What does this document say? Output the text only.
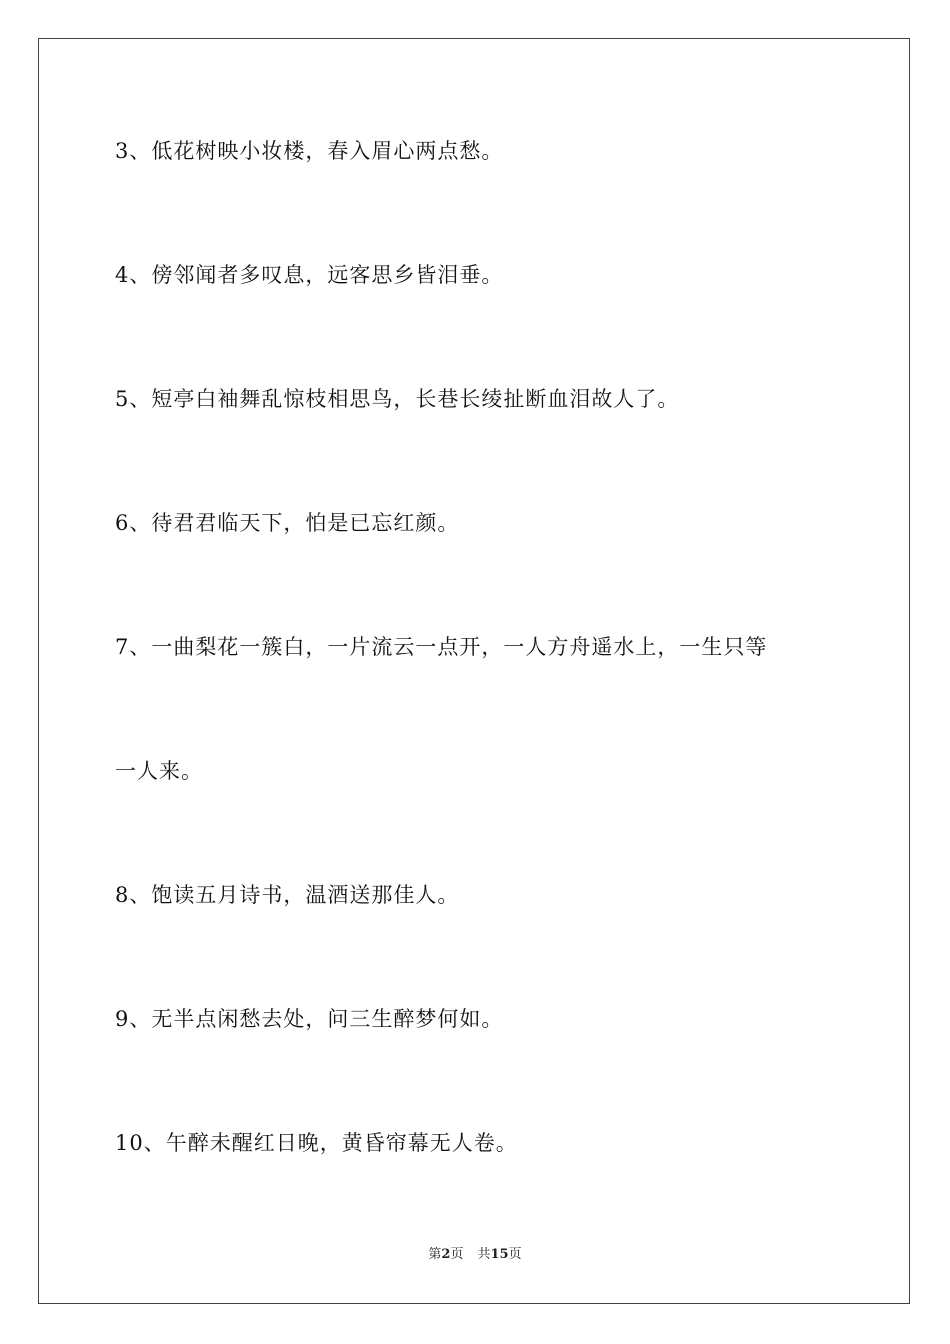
3、低花树映小妆楼，春入眉心两点愁。
4、傍邻闻者多叹息，远客思乡皆泪垂。
5、短亭白袖舞乱惊枝相思鸟，长巷长绫扯断血泪故人了。
6、待君君临天下，怕是已忘红颜。
7、一曲梨花一簇白，一片流云一点开，一人方舟遥水上，一生只等
一人来。
8、饱读五月诗书，温酒送那佳人。
9、无半点闲愁去处，问三生醉梦何如。
10、午醉未醒红日晚，黄昏帘幕无人卷。
第2页 共15页
